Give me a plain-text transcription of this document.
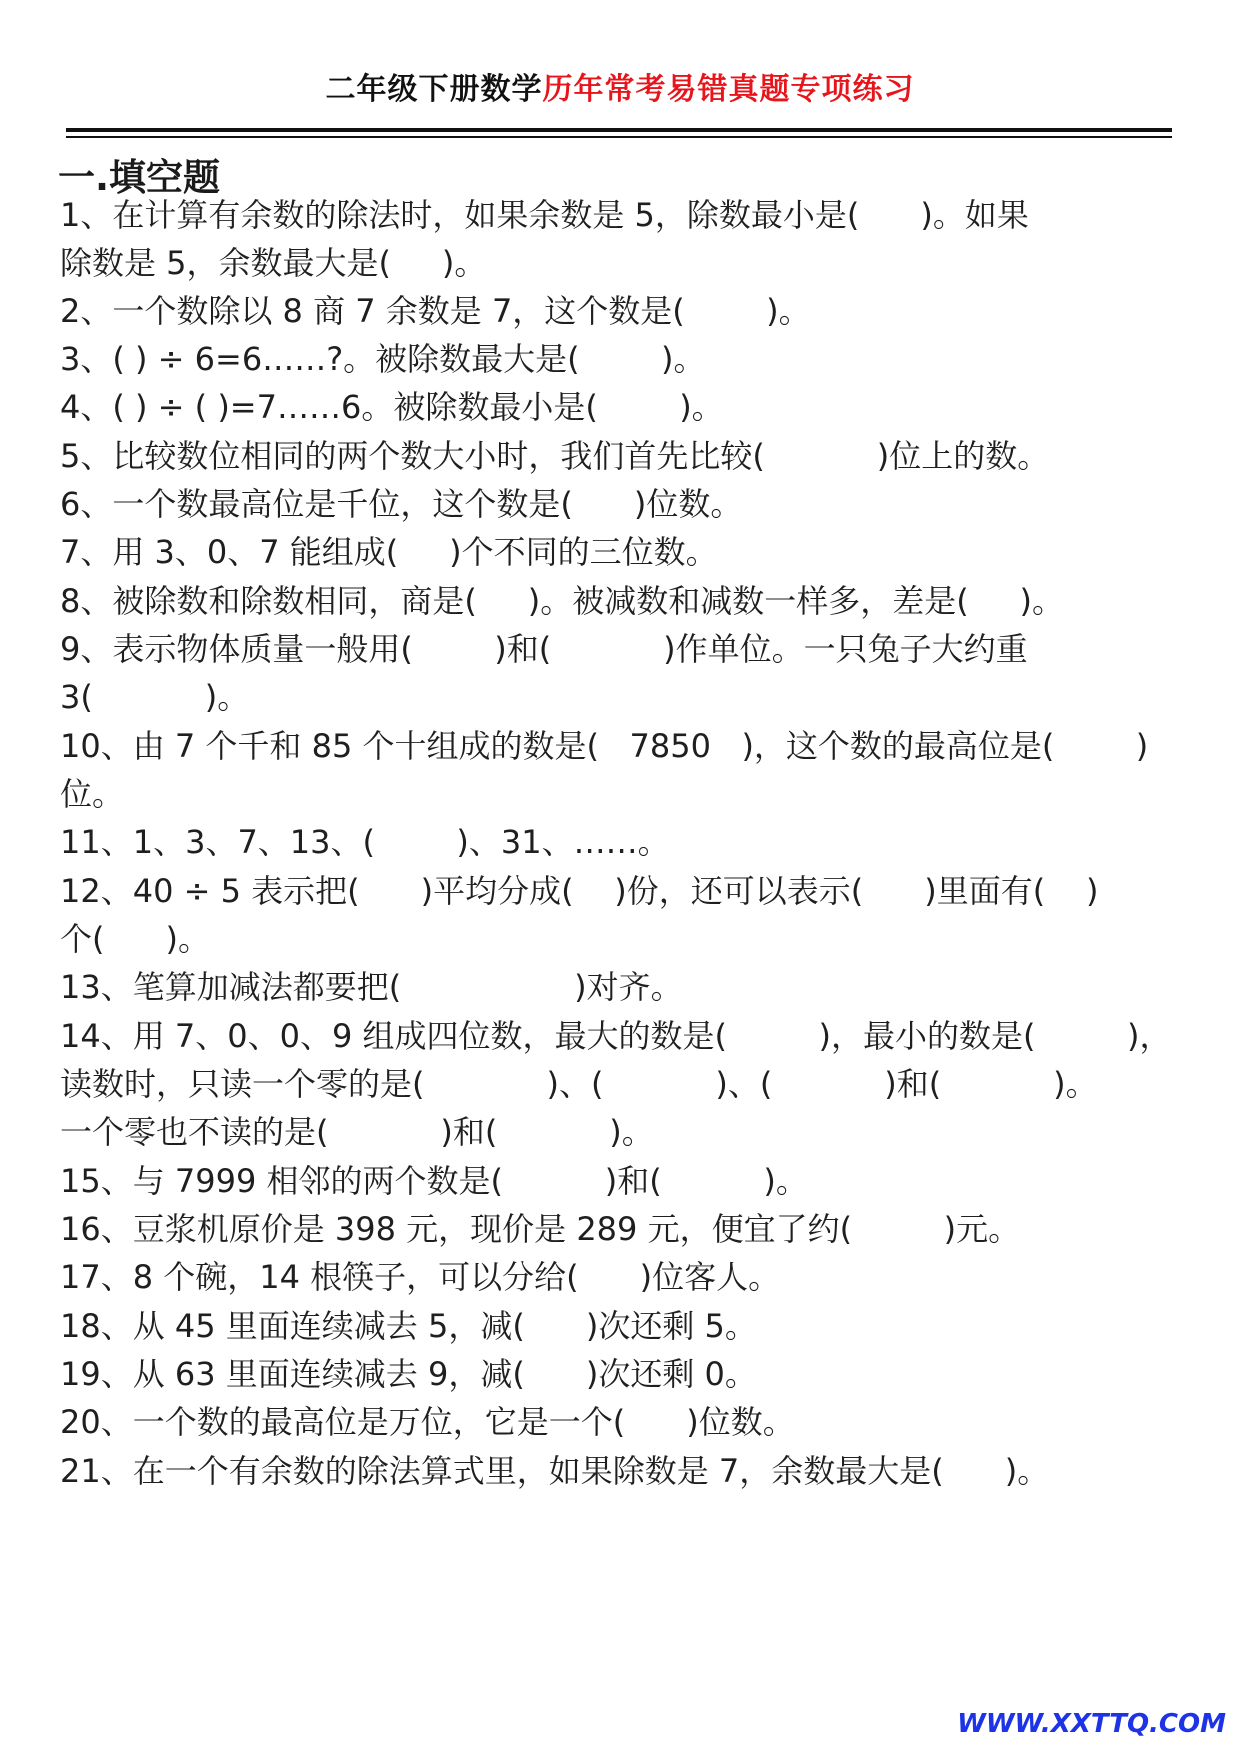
二年级下册数学历年常考易错真题专项练习
一.填空题
1、在计算有余数的除法时，如果余数是 5，除数最小是(      )。如果
除数是 5，余数最大是(     )。
2、一个数除以 8 商 7 余数是 7，这个数是(        )。
3、( ) ÷ 6=6……?。被除数最大是(        )。
4、( ) ÷ ( )=7……6。被除数最小是(        )。
5、比较数位相同的两个数大小时，我们首先比较(           )位上的数。
6、一个数最高位是千位，这个数是(      )位数。
7、用 3、0、7 能组成(     )个不同的三位数。
8、被除数和除数相同，商是(     )。被减数和减数一样多，差是(     )。
9、表示物体质量一般用(        )和(           )作单位。一只兔子大约重
3(           )。
10、由 7 个千和 85 个十组成的数是(   7850   )，这个数的最高位是(        )
位。
11、1、3、7、13、(        )、31、……。
12、40 ÷ 5 表示把(      )平均分成(    )份，还可以表示(      )里面有(    )
个(      )。
13、笔算加减法都要把(                 )对齐。
14、用 7、0、0、9 组成四位数，最大的数是(         )，最小的数是(         )，
读数时，只读一个零的是(            )、(           )、(           )和(           )。
一个零也不读的是(           )和(           )。
15、与 7999 相邻的两个数是(          )和(          )。
16、豆浆机原价是 398 元，现价是 289 元，便宜了约(         )元。
17、8 个碗，14 根筷子，可以分给(      )位客人。
18、从 45 里面连续减去 5，减(      )次还剩 5。
19、从 63 里面连续减去 9，减(      )次还剩 0。
20、一个数的最高位是万位，它是一个(      )位数。
21、在一个有余数的除法算式里，如果除数是 7，余数最大是(      )。
WWW.XXTTQ.COM
